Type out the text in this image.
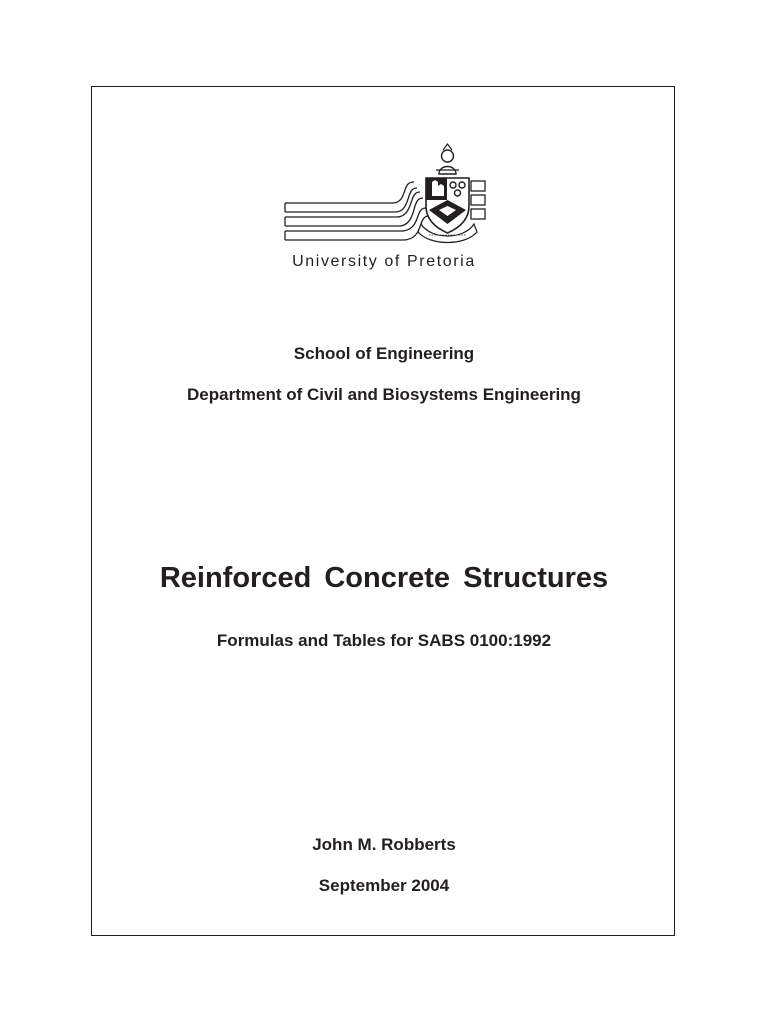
University of Pretoria
School of Engineering
Department of Civil and Biosystems Engineering
Reinforced Concrete Structures
Formulas and Tables for SABS 0100:1992
John M. Robberts
September 2004
